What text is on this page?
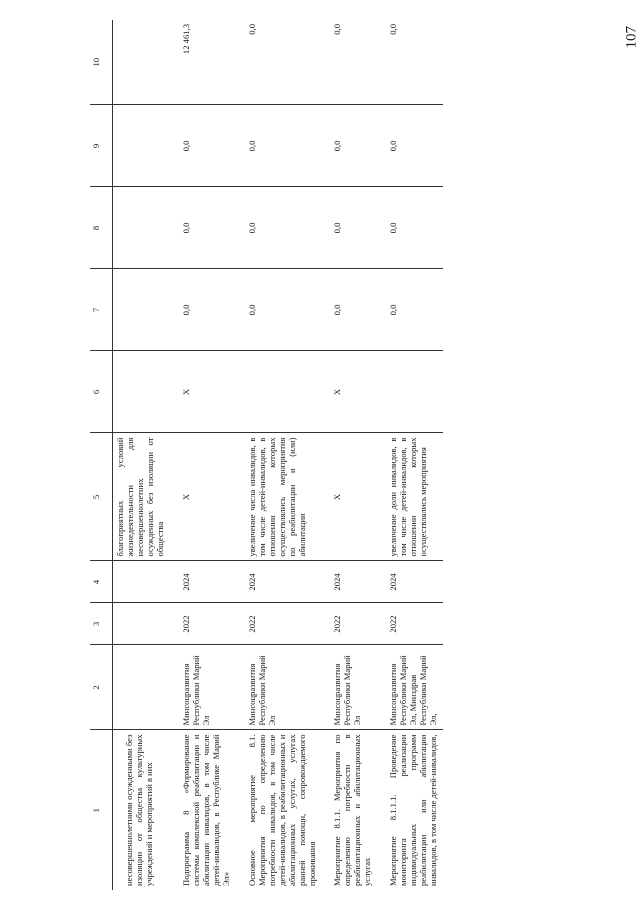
107
1	2	3	4	5	6	7	8	9	10
несовершеннолетними осужденными без изоляции от общества культурных учреждений и мероприятий в них				благоприятных условий жизнедеятельности для несовершеннолетних осужденных без изоляции от общества					
Подпрограмма 8 «Формирование системы комплексной реабилитации и абилитации инвалидов, в том числе детей-инвалидов, в Республике Марий Эл»	Минсоцразвития Республики Марий Эл	2022	2024	Х	Х	0,0	0,0	0,0	12 461,3
Основное мероприятие 8.1. Мероприятия по определению потребности инвалидов, в том числе детей-инвалидов, в реабилитационных и абилитационных услугах, услугах ранней помощи, сопровождаемого проживания	Минсоцразвития Республики Марий Эл	2022	2024	увеличение числа инвалидов, в том числе детей-инвалидов, в отношении которых осуществлялись мероприятия по реабилитации и (или) абилитации		0,0	0,0	0,0	0,0
Мероприятие 8.1.1. Мероприятия по определению потребности в реабилитационных и абилитационных услугах	Минсоцразвития Республики Марий Эл	2022	2024	Х	Х	0,0	0,0	0,0	0,0
Мероприятие 8.1.1.1. Проведение мониторинга реализации индивидуальных программ реабилитации или абилитации инвалидов, в том числе детей-инвалидов,	Минсоцразвития Республики Марий Эл, Минздрав Республики Марий Эл,	2022	2024	увеличение доли инвалидов, в том числе детей-инвалидов, в отношении которых осуществлялись мероприятия		0,0	0,0	0,0	0,0
